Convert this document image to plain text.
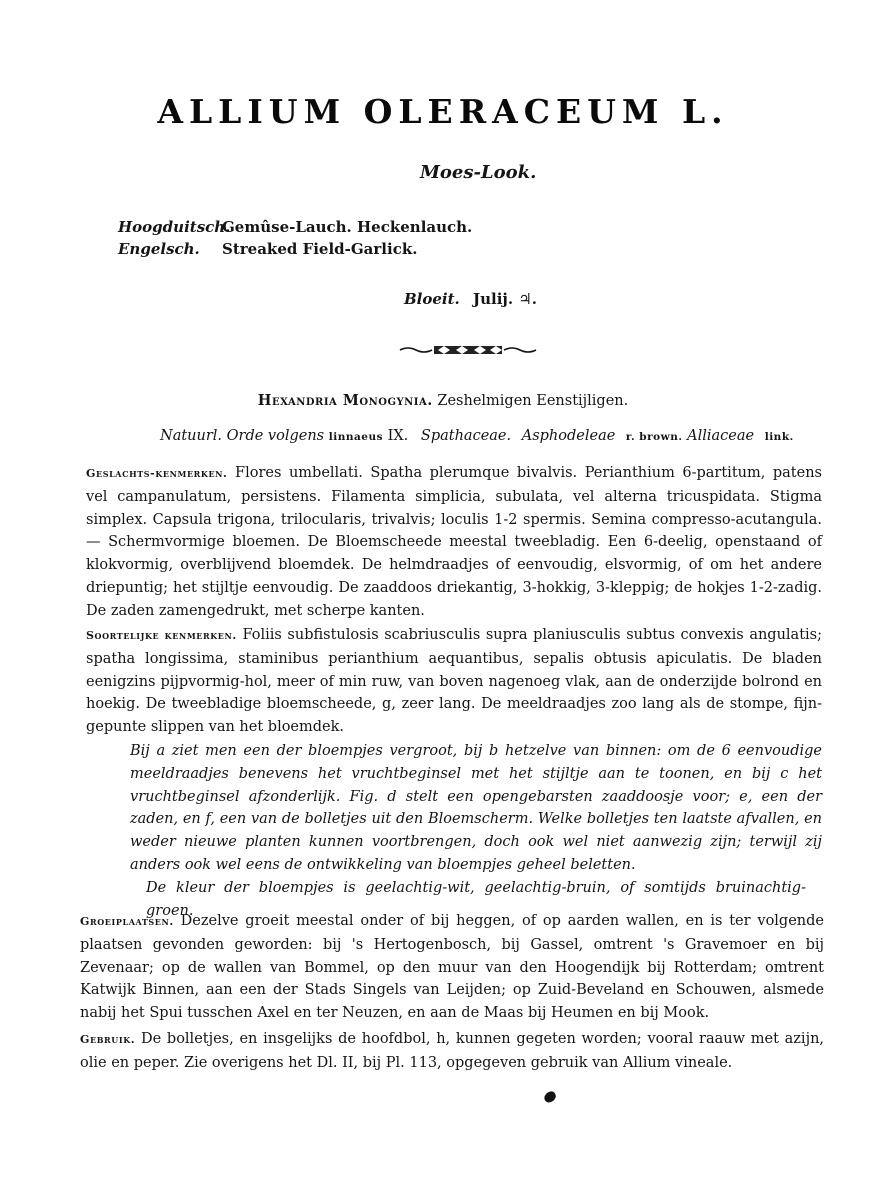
ALLIUM OLERACEUM L.
Moes-Look.
Hoogduitsch.
Gemûse-Lauch. Heckenlauch.
Engelsch.	Streaked Field-Garlick.
Bloeit. Julij. ♃.
Hexandria Monogynia. Zeshelmigen Eenstijligen.
Natuurl. Orde volgens linnaeus IX. Spathaceae. Asphodeleae r. brown. Alliaceae link.
Geslachts-kenmerken. Flores umbellati. Spatha plerumque bivalvis. Perianthium 6-partitum, patens vel campanulatum, persistens. Filamenta simplicia, subulata, vel alterna tricuspidata. Stigma simplex. Capsula trigona, trilocularis, trivalvis; loculis 1-2 spermis. Semina compresso-acutangula. — Schermvormige bloemen. De Bloemscheede meestal tweebladig. Een 6-deelig, openstaand of klokvormig, overblijvend bloemdek. De helmdraadjes of eenvoudig, elsvormig, of om het andere driepuntig; het stijltje eenvoudig. De zaaddoos driekantig, 3-hokkig, 3-kleppig; de hokjes 1-2-zadig. De zaden zamengedrukt, met scherpe kanten.
Soortelijke kenmerken. Foliis subfistulosis scabriusculis supra planiusculis subtus convexis angulatis; spatha longissima, staminibus perianthium aequantibus, sepalis obtusis apiculatis. De bladen eenigzins pijpvormig-hol, meer of min ruw, van boven nagenoeg vlak, aan de onderzijde bolrond en hoekig. De tweebladige bloemscheede, g, zeer lang. De meeldraadjes zoo lang als de stompe, fijn-gepunte slippen van het bloemdek.
Bij a ziet men een der bloempjes vergroot, bij b hetzelve van binnen: om de 6 eenvoudige meeldraadjes benevens het vruchtbeginsel met het stijltje aan te toonen, en bij c het vruchtbeginsel afzonderlijk. Fig. d stelt een opengebarsten zaaddoosje voor; e, een der zaden, en f, een van de bolletjes uit den Bloemscherm. Welke bolletjes ten laatste afvallen, en weder nieuwe planten kunnen voortbrengen, doch ook wel niet aanwezig zijn; terwijl zij anders ook wel eens de ontwikkeling van bloempjes geheel beletten.
De kleur der bloempjes is geelachtig-wit, geelachtig-bruin, of somtijds bruinachtig-groen.
Groeiplaatsen. Dezelve groeit meestal onder of bij heggen, of op aarden wallen, en is ter volgende plaatsen gevonden geworden: bij 's Hertogenbosch, bij Gassel, omtrent 's Gravemoer en bij Zevenaar; op de wallen van Bommel, op den muur van den Hoogendijk bij Rotterdam; omtrent Katwijk Binnen, aan een der Stads Singels van Leijden; op Zuid-Beveland en Schouwen, alsmede nabij het Spui tusschen Axel en ter Neuzen, en aan de Maas bij Heumen en bij Mook.
Gebruik. De bolletjes, en insgelijks de hoofdbol, h, kunnen gegeten worden; vooral raauw met azijn, olie en peper. Zie overigens het Dl. II, bij Pl. 113, opgegeven gebruik van Allium vineale.
